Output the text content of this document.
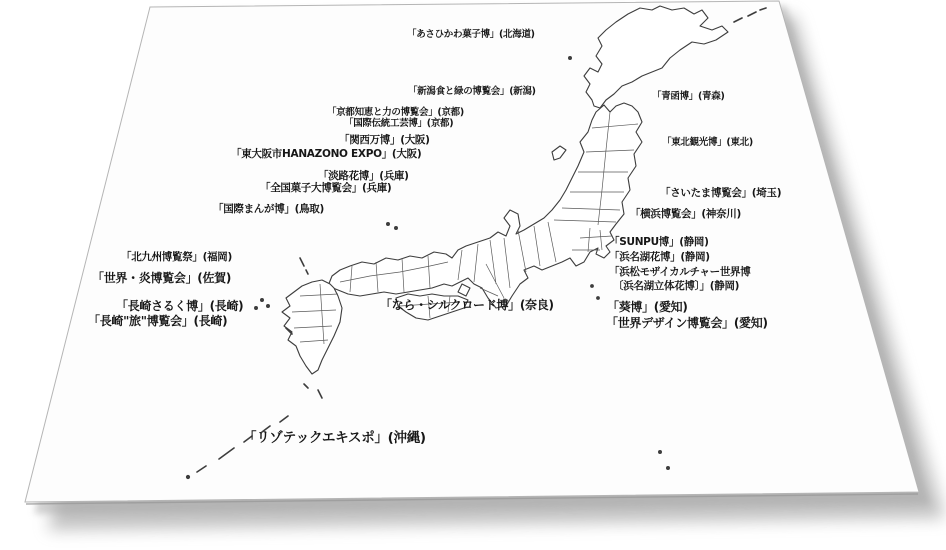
「あさひかわ菓子博」(北海道)
「新潟食と緑の博覧会」(新潟)	「青函博」(青森)
「東北観光博」(東北)
「京都知恵と力の博覧会」(京都)
「国際伝統工芸博」(京都)
「関西万博」(大阪)
「東大阪市HANAZONO EXPO」(大阪)
「淡路花博」(兵庫)
「全国菓子大博覧会」(兵庫)
「国際まんが博」(鳥取)
「さいたま博覧会」(埼玉)
「横浜博覧会」(神奈川)
「SUNPU博」(静岡)
「浜名湖花博」(静岡)
「浜松モザイカルチャー世界博
〔浜名湖立体花博〕」(静岡)
「北九州博覧祭」(福岡)
「世界・炎博覧会」(佐賀)
「長崎さるく博」(長崎)
「長崎"旅"博覧会」(長崎)
「なら・シルクロード博」(奈良)	「葵博」(愛知)
「世界デザイン博覧会」(愛知)
「リゾテックエキスポ」(沖縄)
